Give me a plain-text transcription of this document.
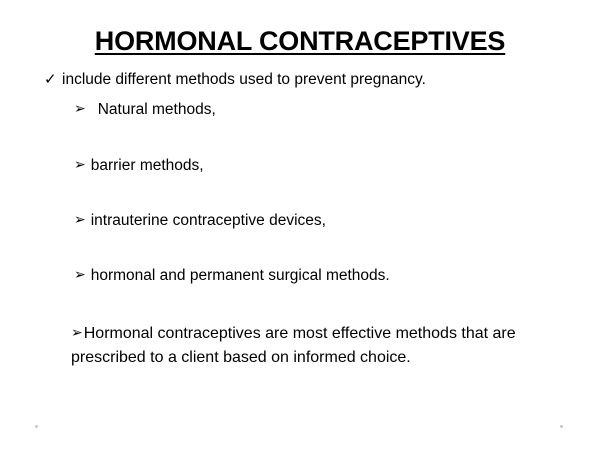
HORMONAL CONTRACEPTIVES
✓ include different methods used to prevent pregnancy.
➢ Natural methods,
➢ barrier methods,
➢ intrauterine contraceptive devices,
➢ hormonal and permanent surgical methods.
➢Hormonal contraceptives are most effective methods that are prescribed to a client based on informed choice.
